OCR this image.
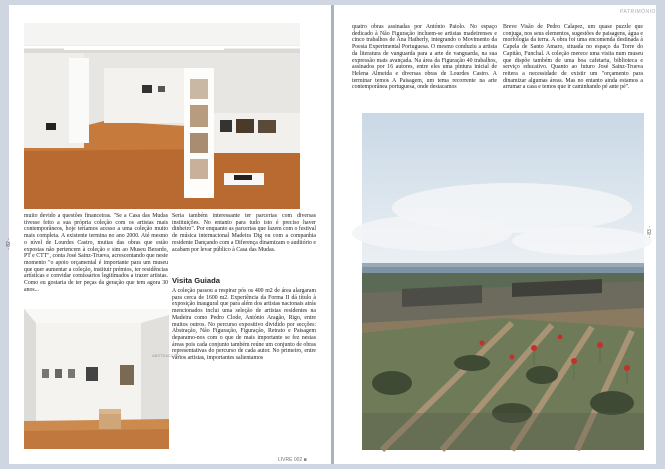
muito devido a questões financeiras. "Se a Casa das Mudas tivesse feito a sua própria coleção com os artistas mais contemporâneos, hoje teríamos acesso a uma coleção muito mais completa. A existente termina no ano 2000. Até mesmo o nível de Lourdes Castro, muitas das obras que estão expostas não pertencem à coleção e sim ao Museu Berardo, PT e CTT", conta José Sainz-Trueva, acrescentando que neste momento "o apoio orçamental é importante para um museu que quer aumentar a coleção, instituir prémios, ter residências artísticas e convidar comissários legitimados a trazer artistas. Como eu gostaria de ter peças da geração que tem agora 30 anos...
Seria também interessante ter parcerias com diversas instituições. No entanto para tudo isto é preciso haver dinheiro". Por enquanto as parcerias que fazem com o festival de música internacional Madeira Dig ou com a companhia residente Dançando com a Diferença dinamizam o auditório e acabam por levar público à Casa das Mudas.
Visita Guiada
A coleção passou a respirar pós os 400 m2 de área alargaram para cerca de 1600 m2. Experiência da Forma II dá título à exposição inaugural que para além dos artistas nacionais atrás mencionados inclui uma seleção de artistas residentes na Madeira como Pedro Clode, António Aragão, Rigo, entre muitos outros. No percurso expositivo dividido por secções: Abstração, Não Figuração, Figuração, Retrato e Paisagem deparamo-nos com o que de mais importante se fez nestas áreas pois cada conjunto também reúne um conjunto de obras representativas do percurso de cada autor. No primeiro, entre vários artistas, importantes salientamos
ABSTRACÇÃO
- 82 -
PATRIMÓNIO
quatro obras assinadas por António Paiolo. No espaço dedicado à Não Figuração incluem-se artistas madeirenses e cinco trabalhos de Ana Hatherly, integrando o Movimento da Poesia Experimental Portuguesa. O mesmo conduziu a artista da literatura de vanguarda para a arte de vanguarda, na sua expressão mais avançada. Na área da Figuração 40 trabalhos, assinados por 16 autores, entre eles uma pintura inicial de Helena Almeida e diversas obras de Lourdes Castro. A terminar temos A Paisagem, um tema recorrente na arte contemporânea portuguesa, onde destacamos
Breve Visão de Pedro Calapez, um quase puzzle que conjuga, nos seus elementos, sugestões de paisagens, água e morfologia da terra. A obra foi uma encomenda destinada à Capela de Santo Amaro, situada no espaço da Torre do Capitão, Funchal. A coleção merece uma visita num museu que dispõe também de uma boa cafetaria, biblioteca e serviço educativo. Quanto ao futuro José Sainz-Trueva reitera a necessidade de existir um "orçamento para dinamizar algumas áreas. Mas no entanto ainda estamos a arrumar a casa e temos que ir caminhando pé ante pé".
LIVRE 002 ■
- 83 -
